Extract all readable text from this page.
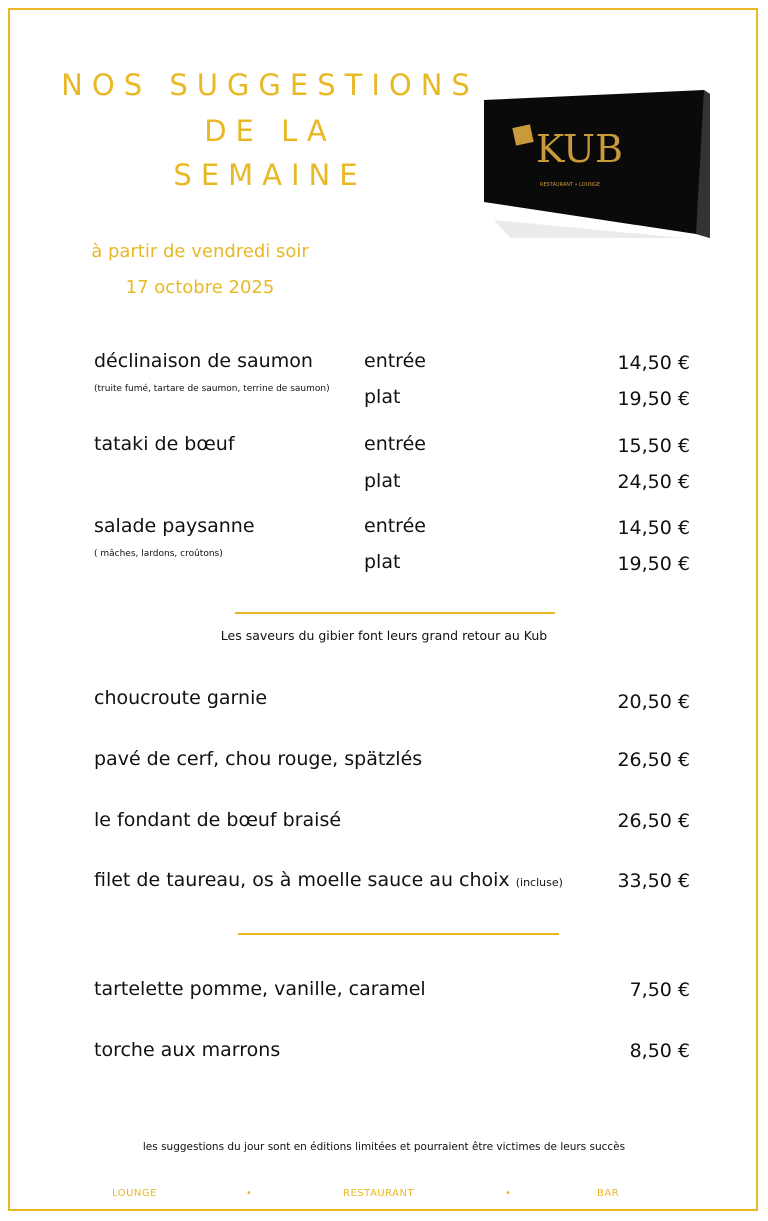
NOS SUGGESTIONS
DE LA
SEMAINE
à partir de vendredi soir
17 octobre 2025
KUB
RESTAURANT • LOUNGE
déclinaison de saumon
(truite fumé, tartare de saumon, terrine de saumon)
entrée	14,50 €
plat	19,50 €
tataki de bœuf	entrée	15,50 €
plat	24,50 €
salade paysanne
( mâches, lardons, croûtons)
entrée	14,50 €
plat	19,50 €
Les saveurs du gibier font leurs grand retour au Kub
choucroute garnie	20,50 €
pavé de cerf, chou rouge, spätzlés	26,50 €
le fondant de bœuf braisé	26,50 €
filet de taureau, os à moelle sauce au choix (incluse)	33,50 €
tartelette pomme, vanille, caramel	7,50 €
torche aux marrons	8,50 €
les suggestions du jour sont en éditions limitées et pourraient être victimes de leurs succès
LOUNGE	•	RESTAURANT	•	BAR
